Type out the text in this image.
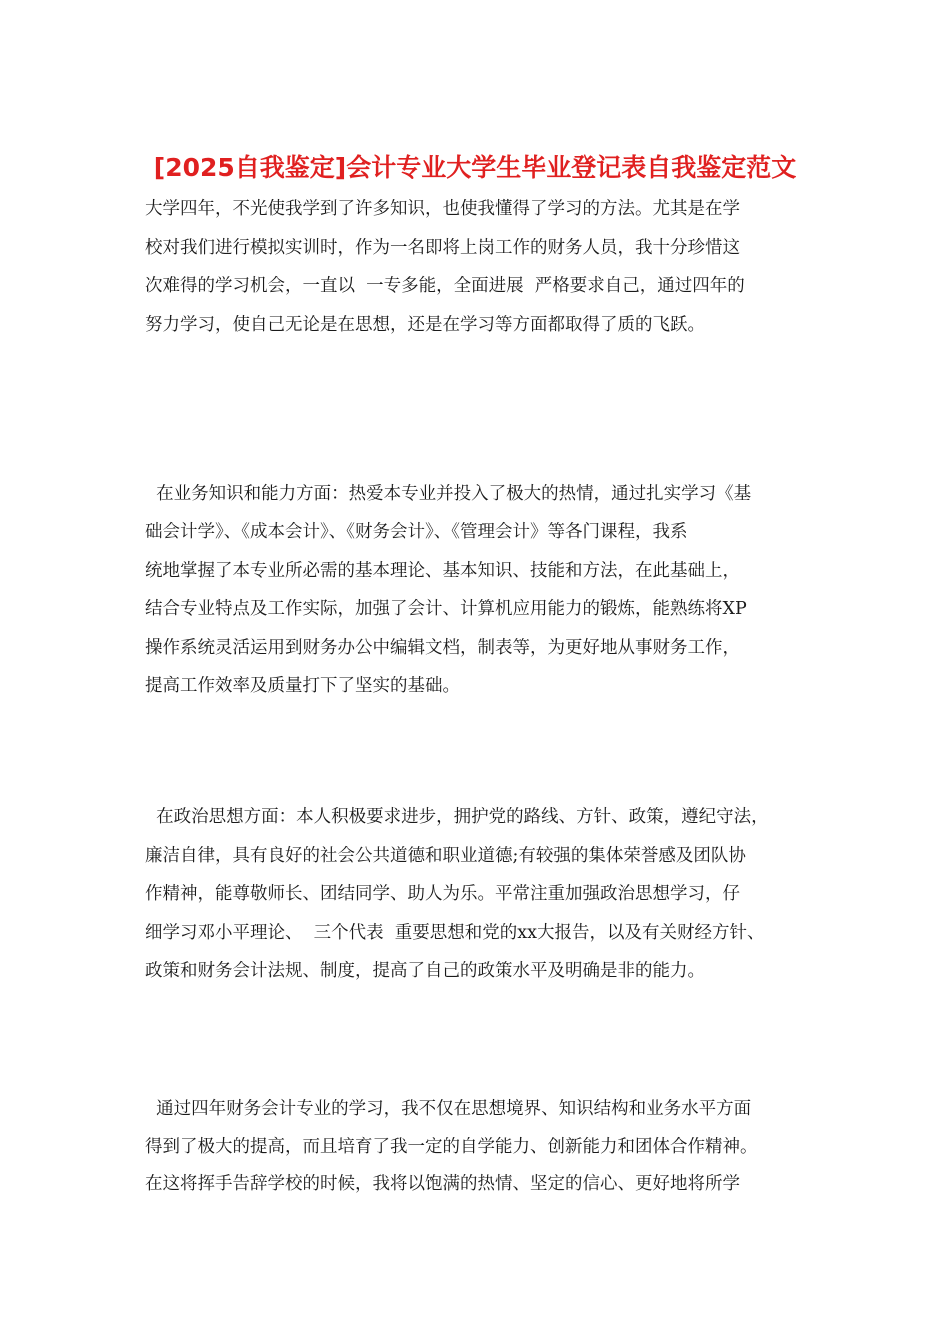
[2025自我鉴定]会计专业大学生毕业登记表自我鉴定范文
大学四年，不光使我学到了许多知识，也使我懂得了学习的方法。尤其是在学
校对我们进行模拟实训时，作为一名即将上岗工作的财务人员，我十分珍惜这
次难得的学习机会，一直以  一专多能，全面进展  严格要求自己，通过四年的
努力学习，使自己无论是在思想，还是在学习等方面都取得了质的飞跃。
在业务知识和能力方面：热爱本专业并投入了极大的热情，通过扎实学习《基
础会计学》、《成本会计》、《财务会计》、《管理会计》等各门课程，我系
统地掌握了本专业所必需的基本理论、基本知识、技能和方法，在此基础上，
结合专业特点及工作实际，加强了会计、计算机应用能力的锻炼，能熟练将XP
操作系统灵活运用到财务办公中编辑文档，制表等，为更好地从事财务工作，
提高工作效率及质量打下了坚实的基础。
在政治思想方面：本人积极要求进步，拥护党的路线、方针、政策，遵纪守法，
廉洁自律，具有良好的社会公共道德和职业道德;有较强的集体荣誉感及团队协
作精神，能尊敬师长、团结同学、助人为乐。平常注重加强政治思想学习，仔
细学习邓小平理论、  三个代表  重要思想和党的xx大报告，以及有关财经方针、
政策和财务会计法规、制度，提高了自己的政策水平及明确是非的能力。
通过四年财务会计专业的学习，我不仅在思想境界、知识结构和业务水平方面
得到了极大的提高，而且培育了我一定的自学能力、创新能力和团体合作精神。
在这将挥手告辞学校的时候，我将以饱满的热情、坚定的信心、更好地将所学
